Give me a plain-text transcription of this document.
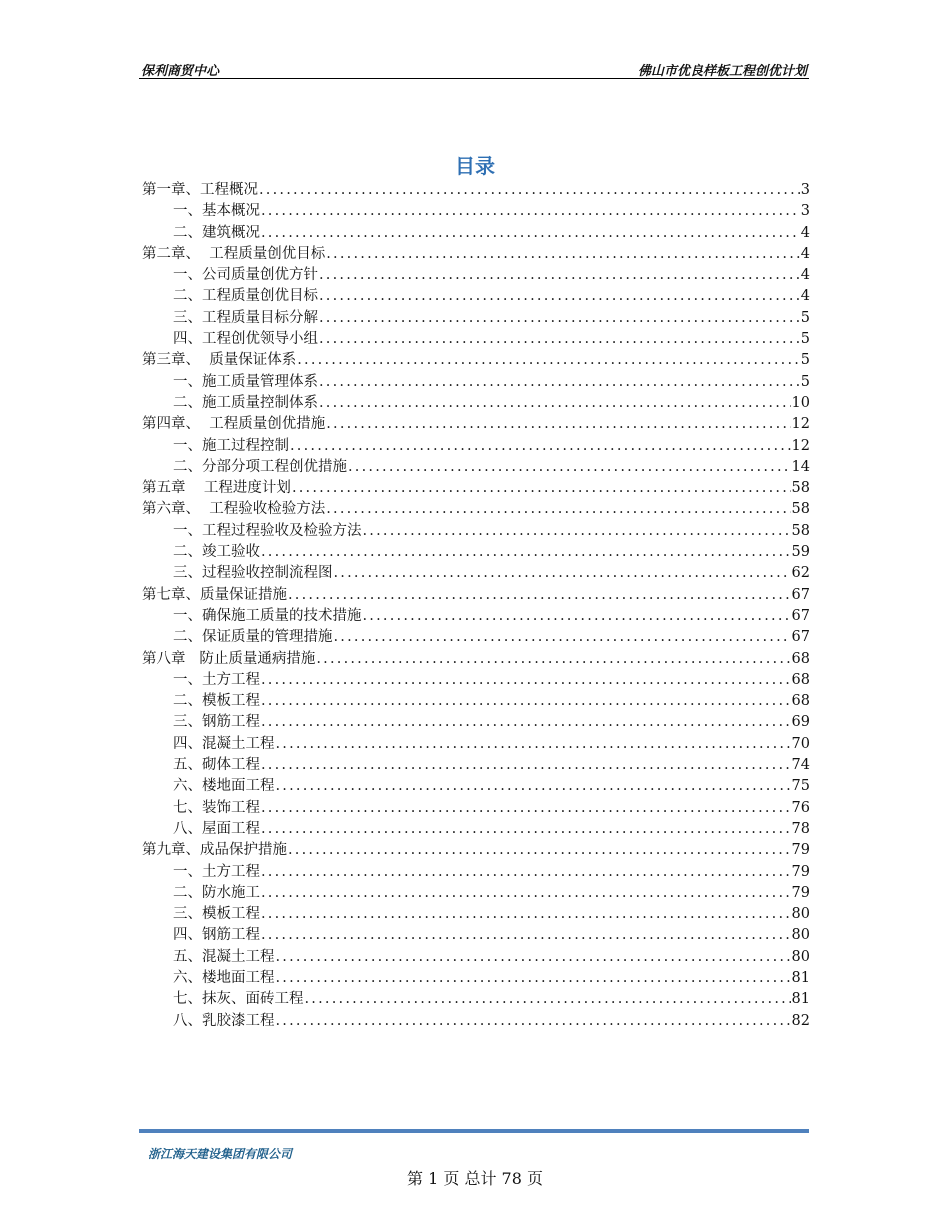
保利商贸中心	佛山市优良样板工程创优计划
目录
第一章、工程概况 .....	3
一、基本概况 .....	3
二、建筑概况 .....	4
第二章、  工程质量创优目标 .....	4
一、公司质量创优方针 .....	4
二、工程质量创优目标 .....	4
三、工程质量目标分解 .....	5
四、工程创优领导小组 .....	5
第三章、  质量保证体系 .....	5
一、施工质量管理体系 .....	5
二、施工质量控制体系 .....	10
第四章、  工程质量创优措施 .....	12
一、施工过程控制 .....	12
二、分部分项工程创优措施 .....	14
第五章    工程进度计划 .....	58
第六章、  工程验收检验方法 .....	58
一、工程过程验收及检验方法 .....	58
二、竣工验收 .....	59
三、过程验收控制流程图 .....	62
第七章、质量保证措施 .....	67
一、确保施工质量的技术措施 .....	67
二、保证质量的管理措施 .....	67
第八章   防止质量通病措施 .....	68
一、土方工程 .....	68
二、模板工程 .....	68
三、钢筋工程 .....	69
四、混凝土工程 .....	70
五、砌体工程 .....	74
六、楼地面工程 .....	75
七、装饰工程 .....	76
八、屋面工程 .....	78
第九章、成品保护措施 .....	79
一、土方工程 .....	79
二、防水施工 .....	79
三、模板工程 .....	80
四、钢筋工程 .....	80
五、混凝土工程 .....	80
六、楼地面工程 .....	81
七、抹灰、面砖工程 .....	81
八、乳胶漆工程 .....	82
浙江海天建设集团有限公司
第 1 页 总计 78 页
